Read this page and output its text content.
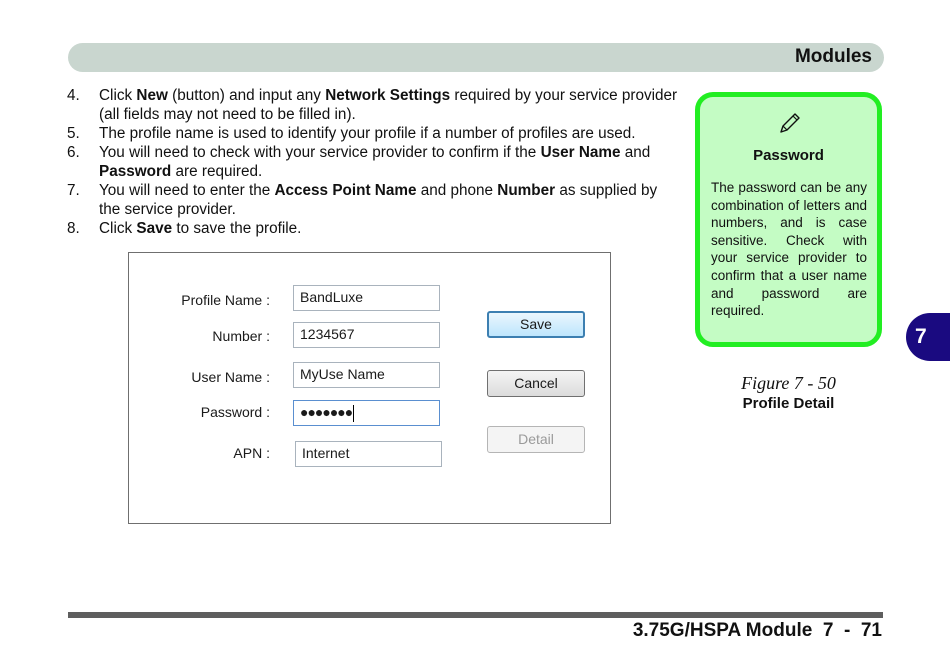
Modules
4.	Click New (button) and input any Network Settings required by your service provider (all fields may not need to be filled in).
5.	The profile name is used to identify your profile if a number of profiles are used.
6.	You will need to check with your service provider to confirm if the User Name and Password are required.
7.	You will need to enter the Access Point Name and phone Number as supplied by the service provider.
8.	Click Save to save the profile.
Profile Name :	BandLuxe
Number :	1234567
User Name :	MyUse Name
Password :	●●●●●●●
APN :	Internet
Save
Cancel
Detail
Password
The password can be any combination of letters and numbers, and is case sensitive. Check with your service provider to confirm that a user name and password are required.
Figure 7 - 50
Profile Detail
7
3.75G/HSPA Module  7  -  71
